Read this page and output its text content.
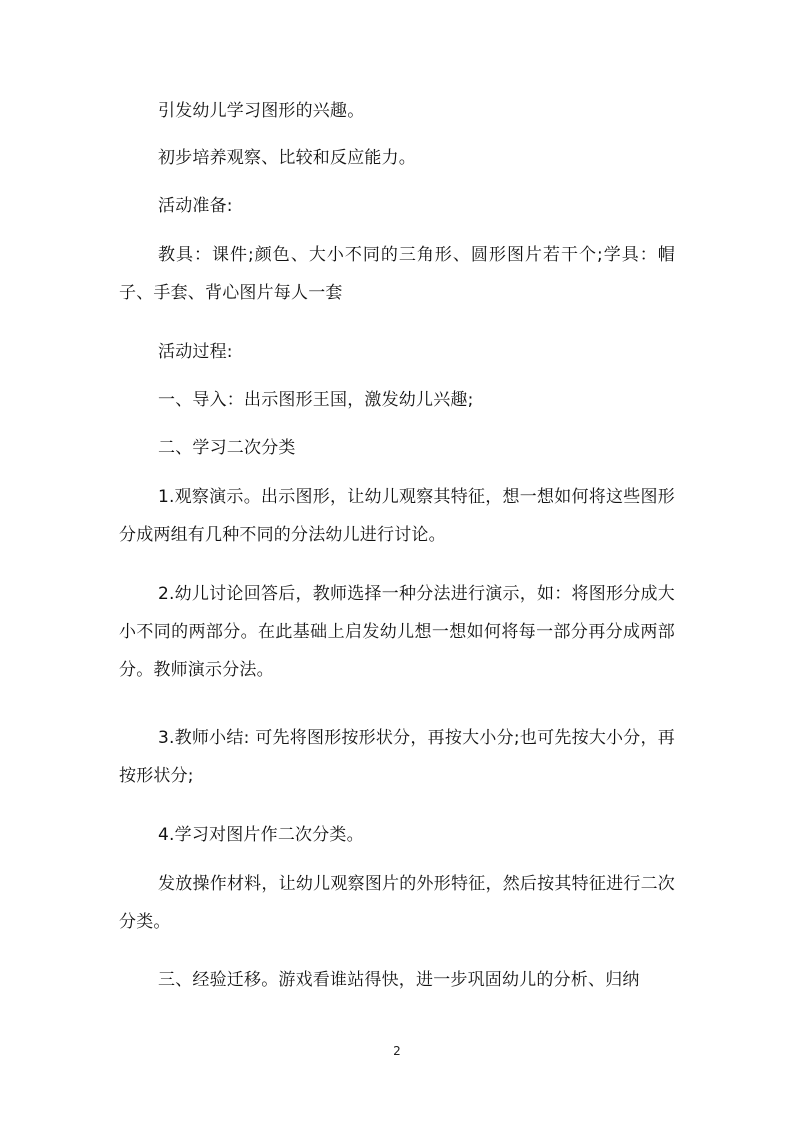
引发幼儿学习图形的兴趣。

初步培养观察、比较和反应能力。

活动准备:

教具：课件;颜色、大小不同的三角形、圆形图片若干个;学具：帽子、手套、背心图片每人一套

活动过程:

一、导入：出示图形王国，激发幼儿兴趣;

二、学习二次分类

1.观察演示。出示图形，让幼儿观察其特征，想一想如何将这些图形分成两组有几种不同的分法幼儿进行讨论。

2.幼儿讨论回答后，教师选择一种分法进行演示，如：将图形分成大小不同的两部分。在此基础上启发幼儿想一想如何将每一部分再分成两部分。教师演示分法。

3.教师小结: 可先将图形按形状分，再按大小分;也可先按大小分，再按形状分;

4.学习对图片作二次分类。

发放操作材料，让幼儿观察图片的外形特征，然后按其特征进行二次分类。

三、经验迁移。游戏看谁站得快，进一步巩固幼儿的分析、归纳

2
